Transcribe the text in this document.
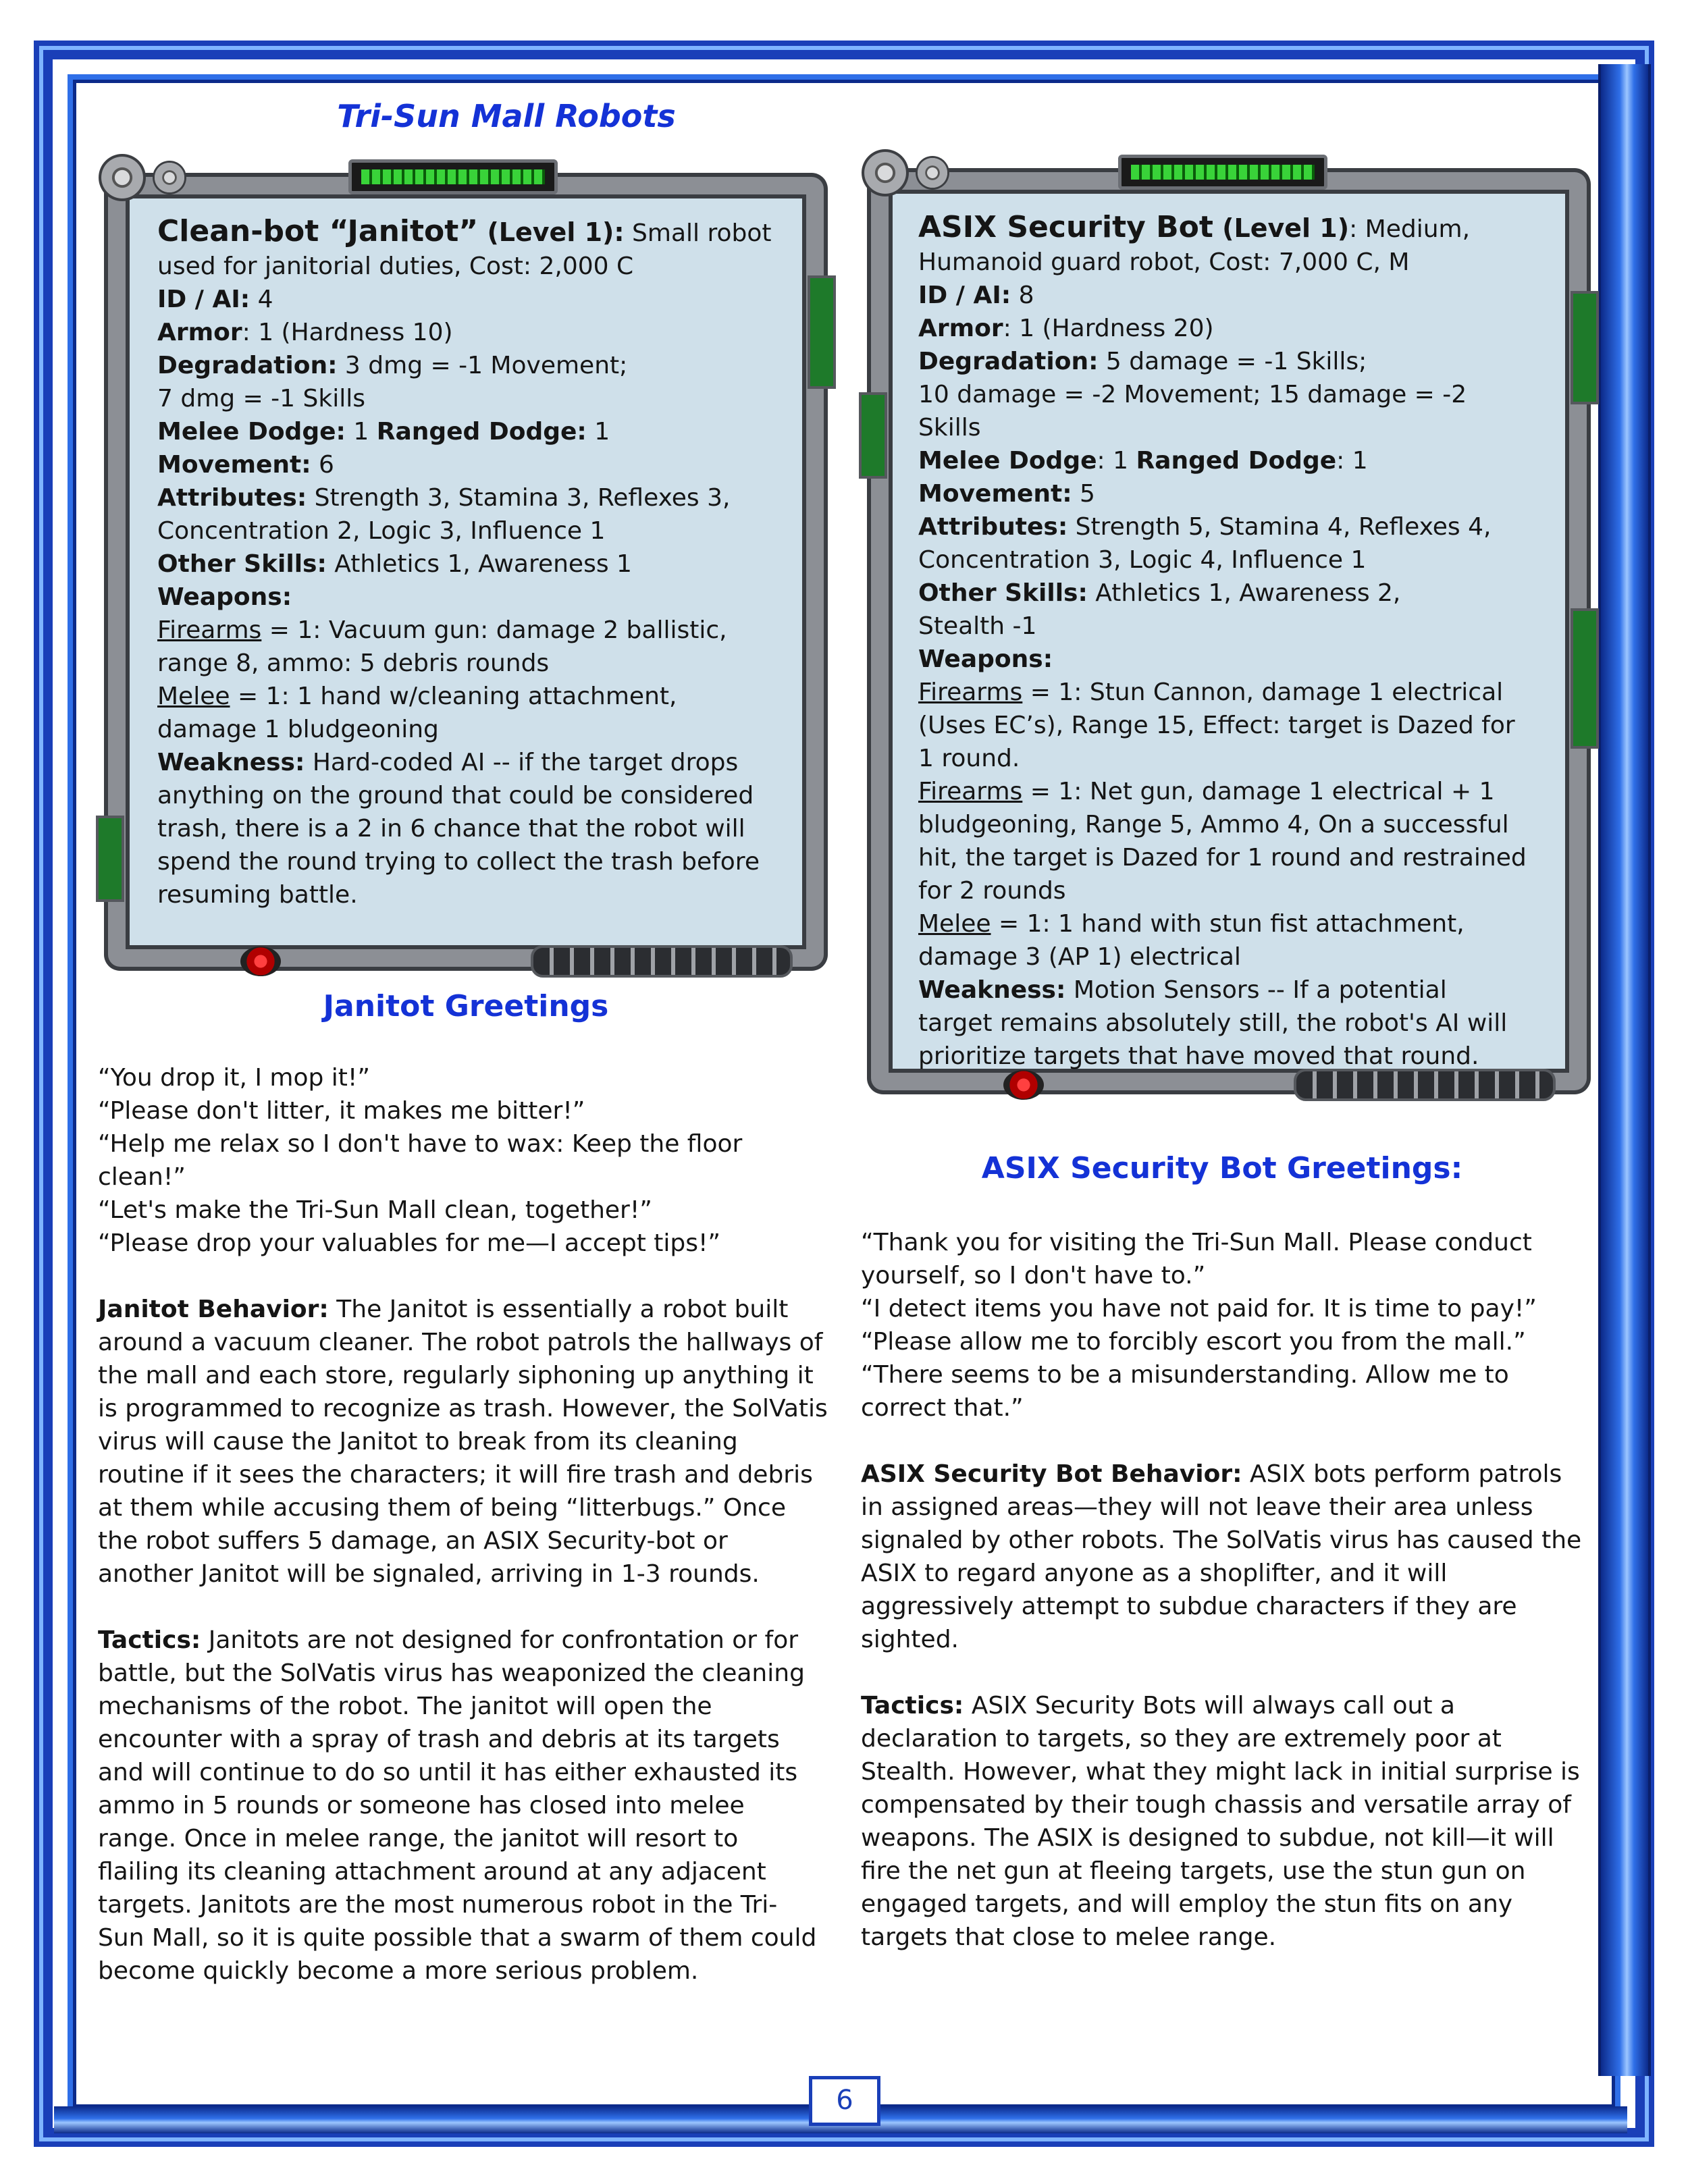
6
Tri-Sun Mall Robots
Clean-bot “Janitot” (Level 1): Small robot
used for janitorial duties, Cost: 2,000 C
ID / AI: 4
Armor: 1 (Hardness 10)
Degradation: 3 dmg = -1 Movement;
7 dmg = -1 Skills
Melee Dodge: 1 Ranged Dodge: 1
Movement: 6
Attributes: Strength 3, Stamina 3, Reflexes 3,
Concentration 2, Logic 3, Influence 1
Other Skills: Athletics 1, Awareness 1
Weapons:
Firearms = 1: Vacuum gun: damage 2 ballistic,
range 8, ammo: 5 debris rounds
Melee = 1: 1 hand w/cleaning attachment,
damage 1 bludgeoning
Weakness: Hard-coded AI -- if the target drops
anything on the ground that could be considered
trash, there is a 2 in 6 chance that the robot will
spend the round trying to collect the trash before
resuming battle.
ASIX Security Bot (Level 1): Medium,
Humanoid guard robot, Cost: 7,000 C, M
ID / AI: 8
Armor: 1 (Hardness 20)
Degradation: 5 damage = -1 Skills;
10 damage = -2 Movement; 15 damage = -2
Skills
Melee Dodge: 1 Ranged Dodge: 1
Movement: 5
Attributes: Strength 5, Stamina 4, Reflexes 4,
Concentration 3, Logic 4, Influence 1
Other Skills: Athletics 1, Awareness 2,
Stealth -1
Weapons:
Firearms = 1: Stun Cannon, damage 1 electrical
(Uses EC’s), Range 15, Effect: target is Dazed for
1 round.
Firearms = 1: Net gun, damage 1 electrical + 1
bludgeoning, Range 5, Ammo 4, On a successful
hit, the target is Dazed for 1 round and restrained
for 2 rounds
Melee = 1: 1 hand with stun fist attachment,
damage 3 (AP 1) electrical
Weakness: Motion Sensors -- If a potential
target remains absolutely still, the robot's AI will
prioritize targets that have moved that round.
Janitot Greetings

“You drop it, I mop it!”

“Please don't litter, it makes me bitter!”

“Help me relax so I don't have to wax: Keep the floor

clean!”

“Let's make the Tri-Sun Mall clean, together!”

“Please drop your valuables for me—I accept tips!”

Janitot Behavior: The Janitot is essentially a robot built

around a vacuum cleaner. The robot patrols the hallways of

the mall and each store, regularly siphoning up anything it

is programmed to recognize as trash. However, the SolVatis

virus will cause the Janitot to break from its cleaning

routine if it sees the characters; it will fire trash and debris

at them while accusing them of being “litterbugs.” Once

the robot suffers 5 damage, an ASIX Security-bot or

another Janitot will be signaled, arriving in 1-3 rounds.

Tactics: Janitots are not designed for confrontation or for

battle, but the SolVatis virus has weaponized the cleaning

mechanisms of the robot. The janitot will open the

encounter with a spray of trash and debris at its targets

and will continue to do so until it has either exhausted its

ammo in 5 rounds or someone has closed into melee

range. Once in melee range, the janitot will resort to

flailing its cleaning attachment around at any adjacent

targets. Janitots are the most numerous robot in the Tri-

Sun Mall, so it is quite possible that a swarm of them could

become quickly become a more serious problem.

ASIX Security Bot Greetings:

“Thank you for visiting the Tri-Sun Mall. Please conduct

yourself, so I don't have to.”

“I detect items you have not paid for. It is time to pay!”

“Please allow me to forcibly escort you from the mall.”

“There seems to be a misunderstanding. Allow me to

correct that.”

ASIX Security Bot Behavior: ASIX bots perform patrols

in assigned areas—they will not leave their area unless

signaled by other robots. The SolVatis virus has caused the

ASIX to regard anyone as a shoplifter, and it will

aggressively attempt to subdue characters if they are

sighted.

Tactics: ASIX Security Bots will always call out a

declaration to targets, so they are extremely poor at

Stealth. However, what they might lack in initial surprise is

compensated by their tough chassis and versatile array of

weapons. The ASIX is designed to subdue, not kill—it will

fire the net gun at fleeing targets, use the stun gun on

engaged targets, and will employ the stun fits on any

targets that close to melee range.
